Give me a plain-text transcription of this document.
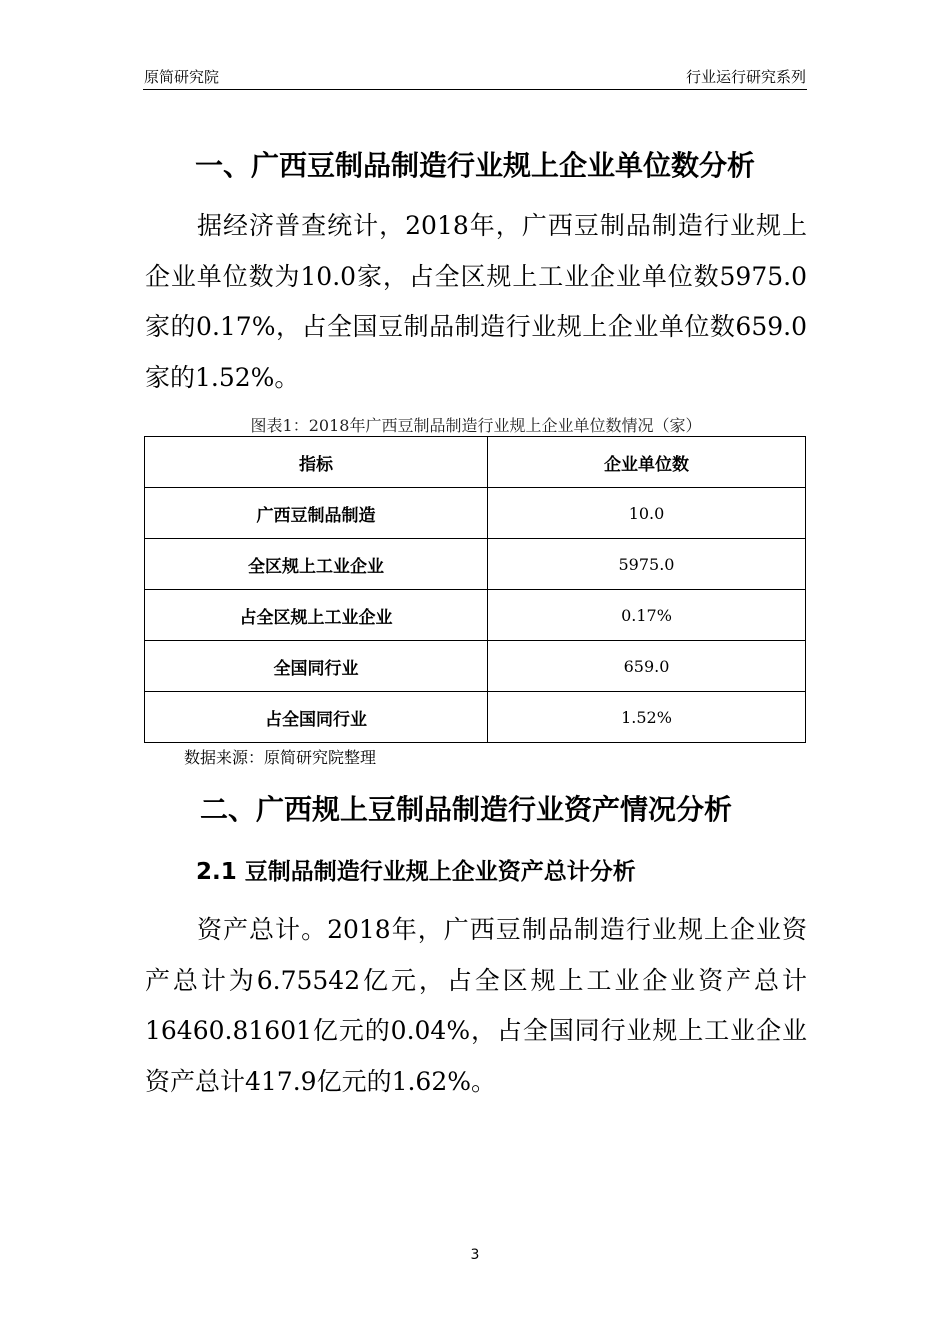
原简研究院	行业运行研究系列
一、广西豆制品制造行业规上企业单位数分析

据经济普查统计，2018年，广西豆制品制造行业规上企业单位数为10.0家，占全区规上工业企业单位数5975.0家的0.17%，占全国豆制品制造行业规上企业单位数659.0家的1.52%。

图表1：2018年广西豆制品制造行业规上企业单位数情况（家）
指标	企业单位数
广西豆制品制造	10.0
全区规上工业企业	5975.0
占全区规上工业企业	0.17%
全国同行业	659.0
占全国同行业	1.52%
数据来源：原简研究院整理
二、广西规上豆制品制造行业资产情况分析
2.1 豆制品制造行业规上企业资产总计分析

资产总计。2018年，广西豆制品制造行业规上企业资产总计为6.75542亿元，占全区规上工业企业资产总计16460.81601亿元的0.04%，占全国同行业规上工业企业资产总计417.9亿元的1.62%。

3
